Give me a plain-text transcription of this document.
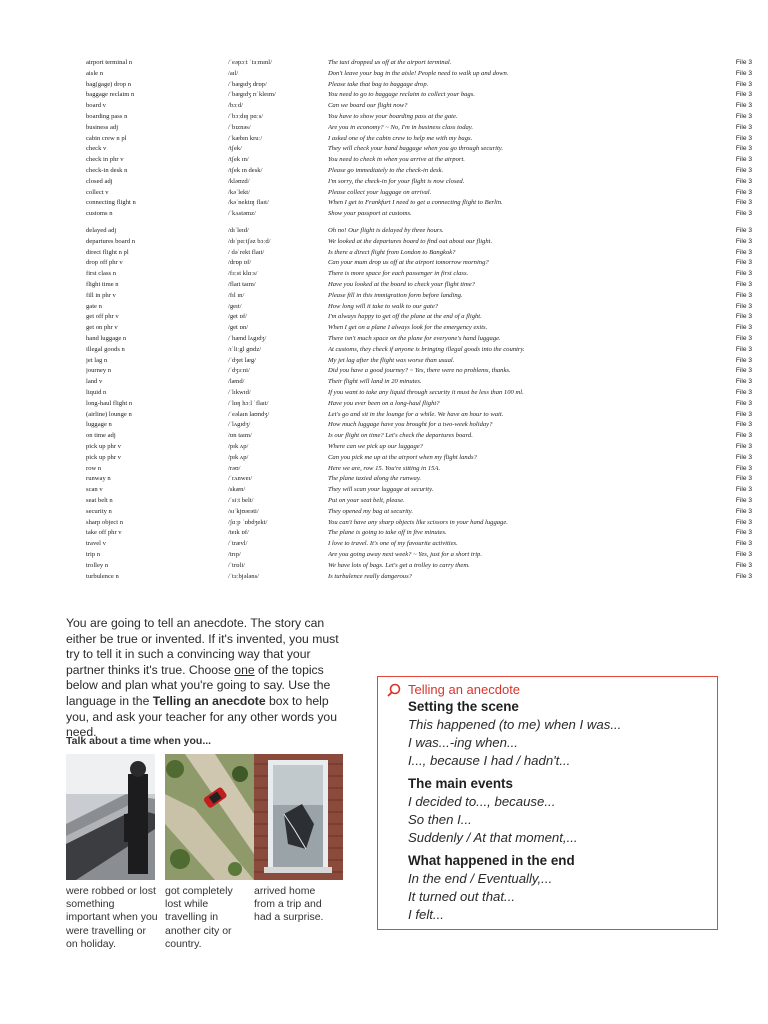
airport terminal n	/ˈeəpɔːt ˈtɜːmɪnl/	The taxi dropped us off at the airport terminal.	File 3
aisle n	/aɪl/	Don't leave your bag in the aisle! People need to walk up and down.	File 3
bag(gage) drop n	/ˈbægɪdʒ drɒp/	Please take that bag to baggage drop.	File 3
baggage reclaim n	/ˈbægɪdʒ rɪˈkleɪm/	You need to go to baggage reclaim to collect your bags.	File 3
board v	/bɔːd/	Can we board our flight now?	File 3
boarding pass n	/ˈbɔːdɪŋ pɑːs/	You have to show your boarding pass at the gate.	File 3
business adj	/ˈbɪznəs/	Are you in economy? ~ No, I'm in business class today.	File 3
cabin crew n pl	/ˈkæbɪn kruː/	I asked one of the cabin crew to help me with my bags.	File 3
check v	/tʃek/	They will check your hand baggage when you go through security.	File 3
check in phr v	/tʃek ɪn/	You need to check in when you arrive at the airport.	File 3
check-in desk n	/tʃek ɪn desk/	Please go immediately to the check-in desk.	File 3
closed adj	/kləʊzd/	I'm sorry, the check-in for your flight is now closed.	File 3
collect v	/kəˈlekt/	Please collect your luggage on arrival.	File 3
connecting flight n	/kəˈnektɪŋ flaɪt/	When I get to Frankfurt I need to get a connecting flight to Berlin.	File 3
customs n	/ˈkʌstəmz/	Show your passport at customs.	File 3
delayed adj	/dɪˈleɪd/	Oh no! Our flight is delayed by three hours.	File 3
departures board n	/dɪˈpɑːtʃəz bɔːd/	We looked at the departures board to find out about our flight.	File 3
direct flight n pl	/ dəˈrekt flaɪt/	Is there a direct flight from London to Bangkok?	File 3
drop off phr v	/drɒp ɒf/	Can your mum drop us off at the airport tomorrow morning?	File 3
first class n	/fɜːst klɑːs/	There is more space for each passenger in first class.	File 3
flight time n	/flaɪt taɪm/	Have you looked at the board to check your flight time?	File 3
fill in phr v	/fɪl ɪn/	Please fill in this immigration form before landing.	File 3
gate n	/geɪt/	How long will it take to walk to our gate?	File 3
get off phr v	/get ɒf/	I'm always happy to get off the plane at the end of a flight.	File 3
get on phr v	/get ɒn/	When I get on a plane I always look for the emergency exits.	File 3
hand luggage n	/ˈhænd lʌgɪdʒ/	There isn't much space on the plane for everyone's hand luggage.	File 3
illegal goods n	/ɪˈliːgl gʊdz/	At customs, they check if anyone is bringing illegal goods into the country.	File 3
jet lag n	/ˈdʒet læg/	My jet lag after the flight was worse than usual.	File 3
journey n	/ˈdʒɜːni/	Did you have a good journey? ~ Yes, there were no problems, thanks.	File 3
land v	/lænd/	Their flight will land in 20 minutes.	File 3
liquid n	/ˈlɪkwɪd/	If you want to take any liquid through security it must be less than 100 ml.	File 3
long-haul flight n	/ˈlɒŋ hɔːl ˈflaɪt/	Have you ever been on a long-haul flight?	File 3
(airline) lounge n	/ˈeəlaɪn laʊndʒ/	Let's go and sit in the lounge for a while. We have an hour to wait.	File 3
luggage n	/ˈlʌgɪdʒ/	How much luggage have you brought for a two-week holiday?	File 3
on time adj	/ɒn taɪm/	Is our flight on time? Let's check the departures board.	File 3
pick up phr v	/pɪk ʌp/	Where can we pick up our luggage?	File 3
pick up phr v	/pɪk ʌp/	Can you pick me up at the airport when my flight lands?	File 3
row n	/rəʊ/	Here we are, row 15. You're sitting in 15A.	File 3
runway n	/ˈrʌnweɪ/	The plane taxied along the runway.	File 3
scan v	/skæn/	They will scan your luggage at security.	File 3
seat belt n	/ˈsiːt belt/	Put on your seat belt, please.	File 3
security n	/sɪˈkjʊərəti/	They opened my bag at security.	File 3
sharp object n	/ʃɑːp ˈɒbdʒekt/	You can't have any sharp objects like scissors in your hand luggage.	File 3
take off phr v	/teɪk ɒf/	The plane is going to take off in five minutes.	File 3
travel v	/ˈtrævl/	I love to travel. It's one of my favourite activities.	File 3
trip n	/trɪp/	Are you going away next week? ~ Yes, just for a short trip.	File 3
trolley n	/ˈtrɒli/	We have lots of bags. Let's get a trolley to carry them.	File 3
turbulence n	/ˈtɜːbjələns/	Is turbulence really dangerous?	File 3
You are going to tell an anecdote. The story can either be true or invented. If it's invented, you must try to tell it in such a convincing way that your partner thinks it's true. Choose one of the topics below and plan what you're going to say. Use the language in the Telling an anecdote box to help you, and ask your teacher for any other words you need.
Talk about a time when you...
were robbed or lost something important when you were travelling or on holiday.
got completely lost while travelling in another city or country.
arrived home from a trip and had a surprise.
Telling an anecdote
Setting the scene
This happened (to me) when I was...
I was...-ing when...
I..., because I had / hadn't...
The main events
I decided to..., because...
So then I...
Suddenly / At that moment,...
What happened in the end
In the end / Eventually,...
It turned out that...
I felt...
